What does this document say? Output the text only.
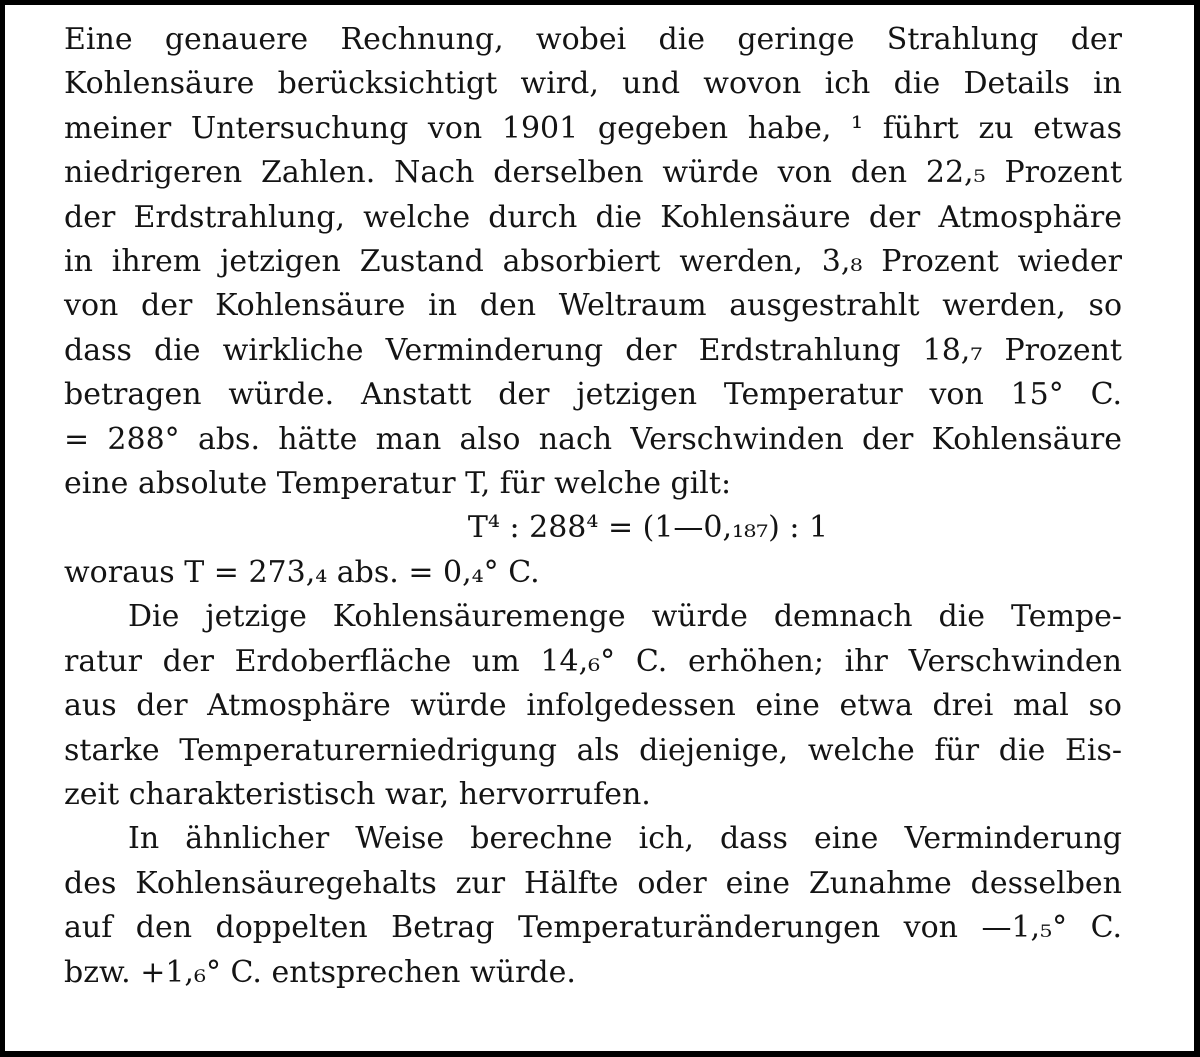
Eine genauere Rechnung, wobei die geringe Strahlung der

Kohlensäure berücksichtigt wird, und wovon ich die Details in

meiner Untersuchung von 1901 gegeben habe, ¹ führt zu etwas

niedrigeren Zahlen. Nach derselben würde von den 22,₅ Prozent

der Erdstrahlung, welche durch die Kohlensäure der Atmosphäre

in ihrem jetzigen Zustand absorbiert werden, 3,₈ Prozent wieder

von der Kohlensäure in den Weltraum ausgestrahlt werden, so

dass die wirkliche Verminderung der Erdstrahlung 18,₇ Prozent

betragen würde. Anstatt der jetzigen Temperatur von 15° C.

= 288° abs. hätte man also nach Verschwinden der Kohlensäure

eine absolute Temperatur T, für welche gilt:

T⁴ : 288⁴ = (1—0,₁₈₇) : 1

woraus T = 273,₄ abs. = 0,₄° C.

Die jetzige Kohlensäuremenge würde demnach die Tempe-

ratur der Erdoberfläche um 14,₆° C. erhöhen; ihr Verschwinden

aus der Atmosphäre würde infolgedessen eine etwa drei mal so

starke Temperaturerniedrigung als diejenige, welche für die Eis-

zeit charakteristisch war, hervorrufen.

In ähnlicher Weise berechne ich, dass eine Verminderung

des Kohlensäuregehalts zur Hälfte oder eine Zunahme desselben

auf den doppelten Betrag Temperaturänderungen von —1,₅° C.

bzw. +1,₆° C. entsprechen würde.
